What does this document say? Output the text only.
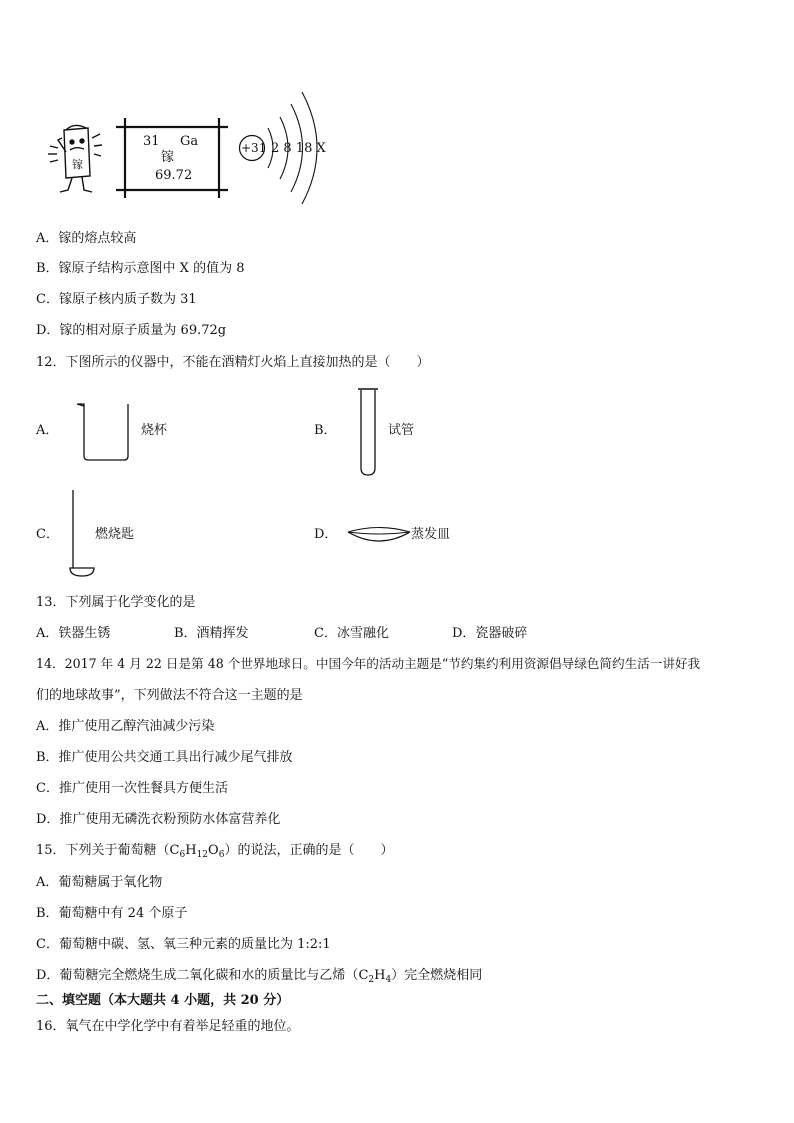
镓
31 Ga
镓
69.72
+31 2 8 18 X
A．镓的熔点较高
B．镓原子结构示意图中 X 的值为 8
C．镓原子核内质子数为 31
D．镓的相对原子质量为 69.72g
12．下图所示的仪器中，不能在酒精灯火焰上直接加热的是（　　）
A．	烧杯	B．	试管
C．	燃烧匙	D．	蒸发皿
13．下列属于化学变化的是
A．铁器生锈	B．酒精挥发	C．冰雪融化	D．瓷器破碎
14．2017 年 4 月 22 日是第 48 个世界地球日。中国今年的活动主题是“节约集约利用资源倡导绿色简约生活一讲好我
们的地球故事”，下列做法不符合这一主题的是
A．推广使用乙醇汽油减少污染
B．推广使用公共交通工具出行减少尾气排放
C．推广使用一次性餐具方便生活
D．推广使用无磷洗衣粉预防水体富营养化
15．下列关于葡萄糖$(C_6H_{12}O_6)$的说法，正确的是（　　）
A．葡萄糖属于氧化物
B．葡萄糖中有 24 个原子
C．葡萄糖中碳、氢、氧三种元素的质量比为 1:2:1
D．葡萄糖完全燃烧生成二氧化碳和水的质量比与乙烯$(C_2H_4)$完全燃烧相同
二、填空题（本大题共 4 小题，共 20 分）
16．氧气在中学化学中有着举足轻重的地位。
